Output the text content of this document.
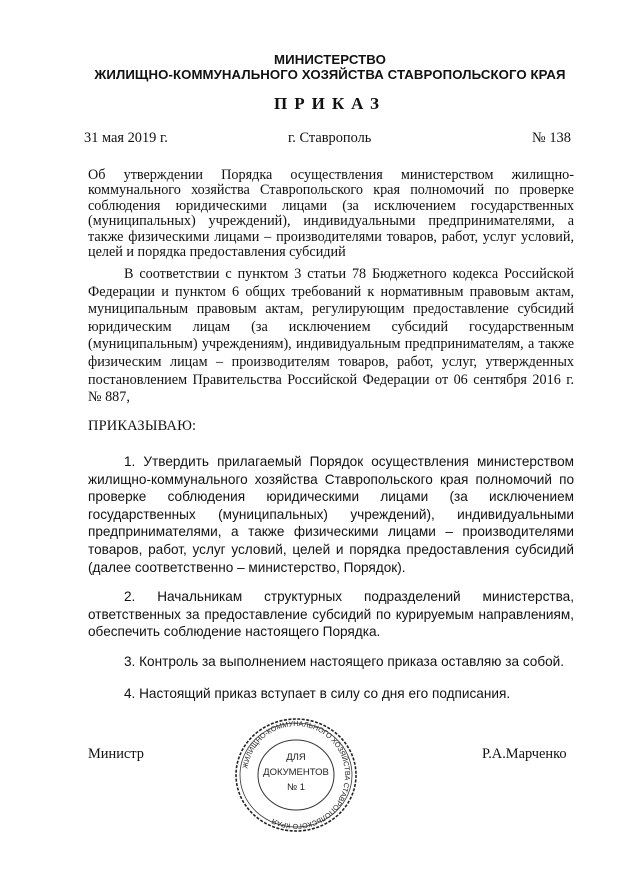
МИНИСТЕРСТВО
ЖИЛИЩНО-КОММУНАЛЬНОГО ХОЗЯЙСТВА СТАВРОПОЛЬСКОГО КРАЯ
ПРИКАЗ
31 мая 2019 г.	г. Ставрополь	№ 138

Об утверждении Порядка осуществления министерством жилищно-коммунального хозяйства Ставропольского края полномочий по проверке соблюдения юридическими лицами (за исключением государственных (муниципальных) учреждений), индивидуальными предпринимателями, а также физическими лицами – производителями товаров, работ, услуг условий, целей и порядка предоставления субсидий

В соответствии с пунктом 3 статьи 78 Бюджетного кодекса Российской Федерации и пунктом 6 общих требований к нормативным правовым актам, муниципальным правовым актам, регулирующим предоставление субсидий юридическим лицам (за исключением субсидий государственным (муниципальным) учреждениям), индивидуальным предпринимателям, а также физическим лицам – производителям товаров, работ, услуг, утвержденных постановлением Правительства Российской Федерации от 06 сентября 2016 г. № 887,

ПРИКАЗЫВАЮ:

1. Утвердить прилагаемый Порядок осуществления министерством жилищно-коммунального хозяйства Ставропольского края полномочий по проверке соблюдения юридическими лицами (за исключением государственных (муниципальных) учреждений), индивидуальными предпринимателями, а также физическими лицами – производителями товаров, работ, услуг условий, целей и порядка предоставления субсидий (далее соответственно – министерство, Порядок).

2. Начальникам структурных подразделений министерства, ответственных за предоставление субсидий по курируемым направлениям, обеспечить соблюдение настоящего Порядка.

3. Контроль за выполнением настоящего приказа оставляю за собой.

4. Настоящий приказ вступает в силу со дня его подписания.

Министр	Р.А.Марченко
ЖИЛИЩНО-КОММУНАЛЬНОГО ХОЗЯЙСТВА СТАВРОПОЛЬСКОГО КРАЯ
ДЛЯ
ДОКУМЕНТОВ
№ 1
